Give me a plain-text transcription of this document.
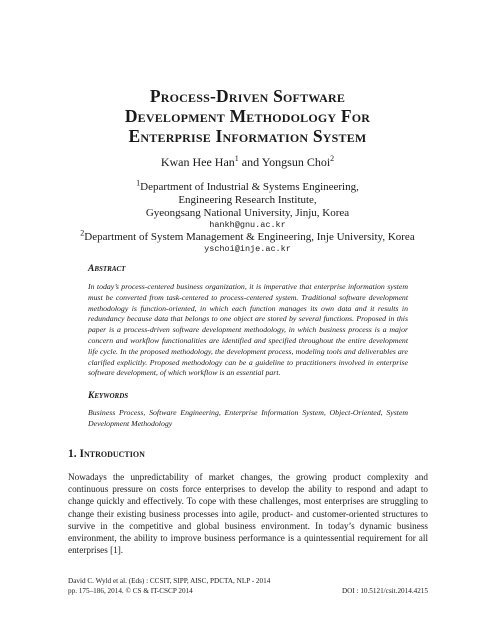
Process-Driven Software
Development Methodology For
Enterprise Information System
Kwan Hee Han$^1$ and Yongsun Choi$^2$
$^1$Department of Industrial & Systems Engineering,
Engineering Research Institute,
Gyeongsang National University, Jinju, Korea
hankh@gnu.ac.kr
$^2$Department of System Management & Engineering, Inje University, Korea
yschoi@inje.ac.kr
Abstract
In today’s process-centered business organization, it is imperative that enterprise information system must be converted from task-centered to process-centered system. Traditional software development methodology is function-oriented, in which each function manages its own data and it results in redundancy because data that belongs to one object are stored by several functions. Proposed in this paper is a process-driven software development methodology, in which business process is a major concern and workflow functionalities are identified and specified throughout the entire development life cycle. In the proposed methodology, the development process, modeling tools and deliverables are clarified explicitly. Proposed methodology can be a guideline to practitioners involved in enterprise software development, of which workflow is an essential part.
Keywords
Business Process, Software Engineering, Enterprise Information System, Object-Oriented, System Development Methodology
1. Introduction
Nowadays the unpredictability of market changes, the growing product complexity and continuous pressure on costs force enterprises to develop the ability to respond and adapt to change quickly and effectively. To cope with these challenges, most enterprises are struggling to change their existing business processes into agile, product- and customer-oriented structures to survive in the competitive and global business environment. In today’s dynamic business environment, the ability to improve business performance is a quintessential requirement for all enterprises [1].
David C. Wyld et al. (Eds) : CCSIT, SIPP, AISC, PDCTA, NLP - 2014
pp. 175–186, 2014. © CS & IT-CSCP 2014	DOI : 10.5121/csit.2014.4215
